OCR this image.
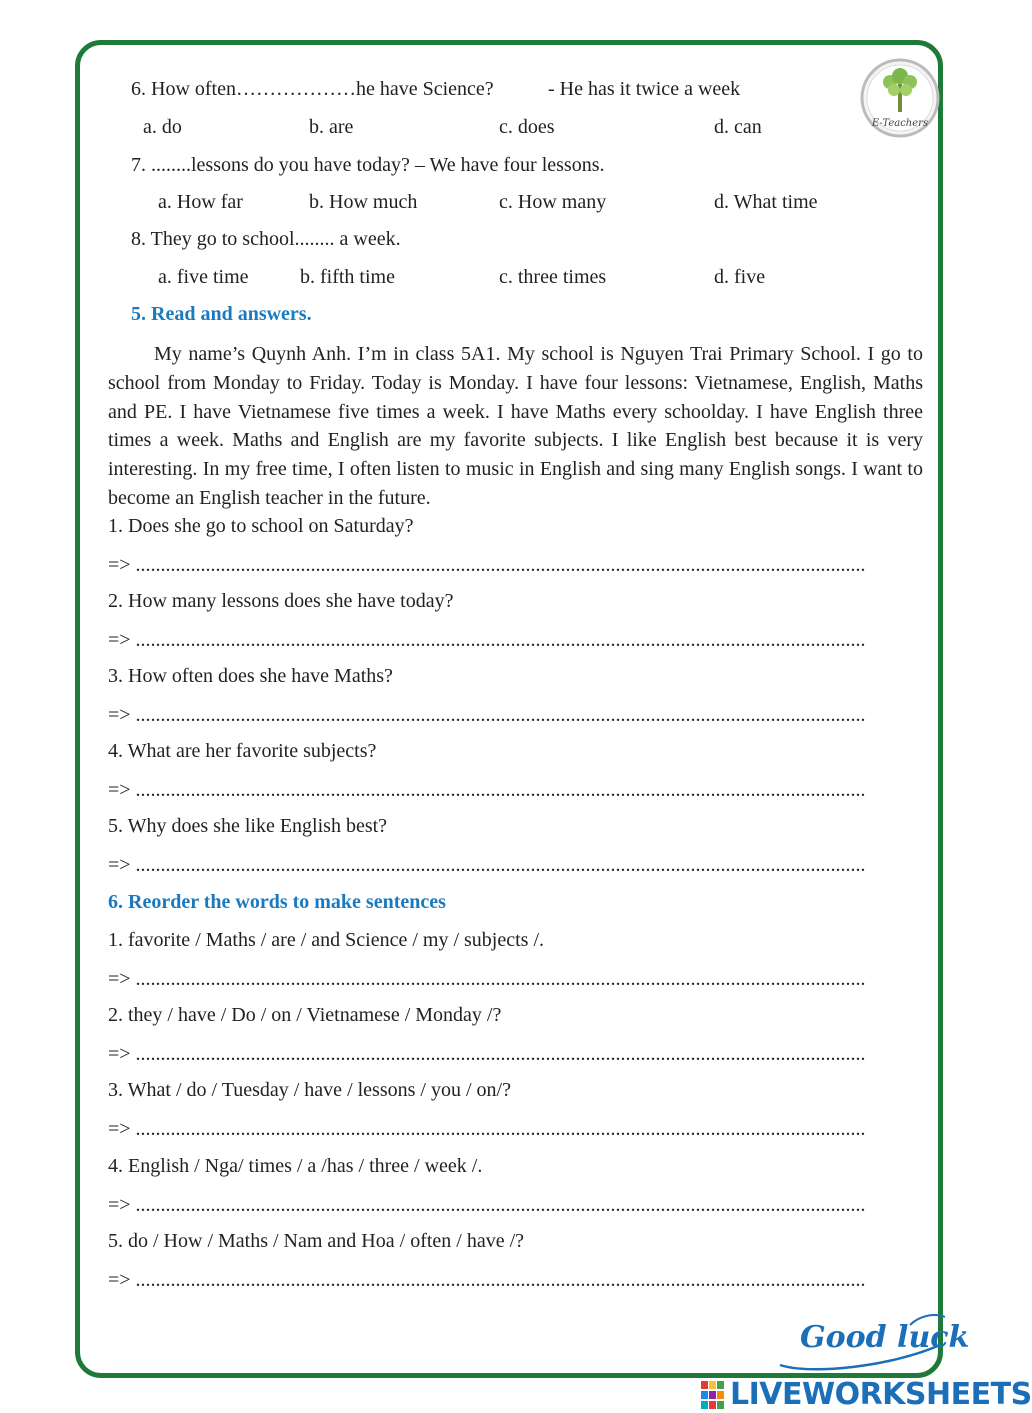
E-Teachers
6. How often………………he have Science?	- He has it twice a week
a. do	b. are	c. does	d. can
7. ........lessons do you have today? – We have four lessons.
a. How far	b. How much	c. How many	d. What time
8. They go to school........ a week.
a. five time	b. fifth time	c. three times	d. five
5. Read and answers.
My name’s Quynh Anh. I’m in class 5A1. My school is Nguyen Trai Primary School. I go to school from Monday to Friday. Today is Monday. I have four lessons: Vietnamese, English, Maths and PE. I have Vietnamese five times a week. I have Maths every schoolday. I have English three times a week. Maths and English are my favorite subjects. I like English best because it is very interesting. In my free time, I often listen to music in English and sing many English songs. I want to become an English teacher in the future.
1. Does she go to school on Saturday?
=> ..................................................................................................................................................
2. How many lessons does she have today?
=> ..................................................................................................................................................
3. How often does she have Maths?
=> ..................................................................................................................................................
4. What are her favorite subjects?
=> ..................................................................................................................................................
5. Why does she like English best?
=> ..................................................................................................................................................
6. Reorder the words to make sentences
1. favorite / Maths / are / and Science / my / subjects /.
=> ..................................................................................................................................................
2. they / have / Do / on / Vietnamese / Monday /?
=> ..................................................................................................................................................
3. What / do / Tuesday / have / lessons / you / on/?
=> ..................................................................................................................................................
4. English / Nga/ times / a /has / three / week /.
=> ..................................................................................................................................................
5. do / How / Maths / Nam and Hoa / often / have /?
=> ..................................................................................................................................................
Good luck
LIVEWORKSHEETS
